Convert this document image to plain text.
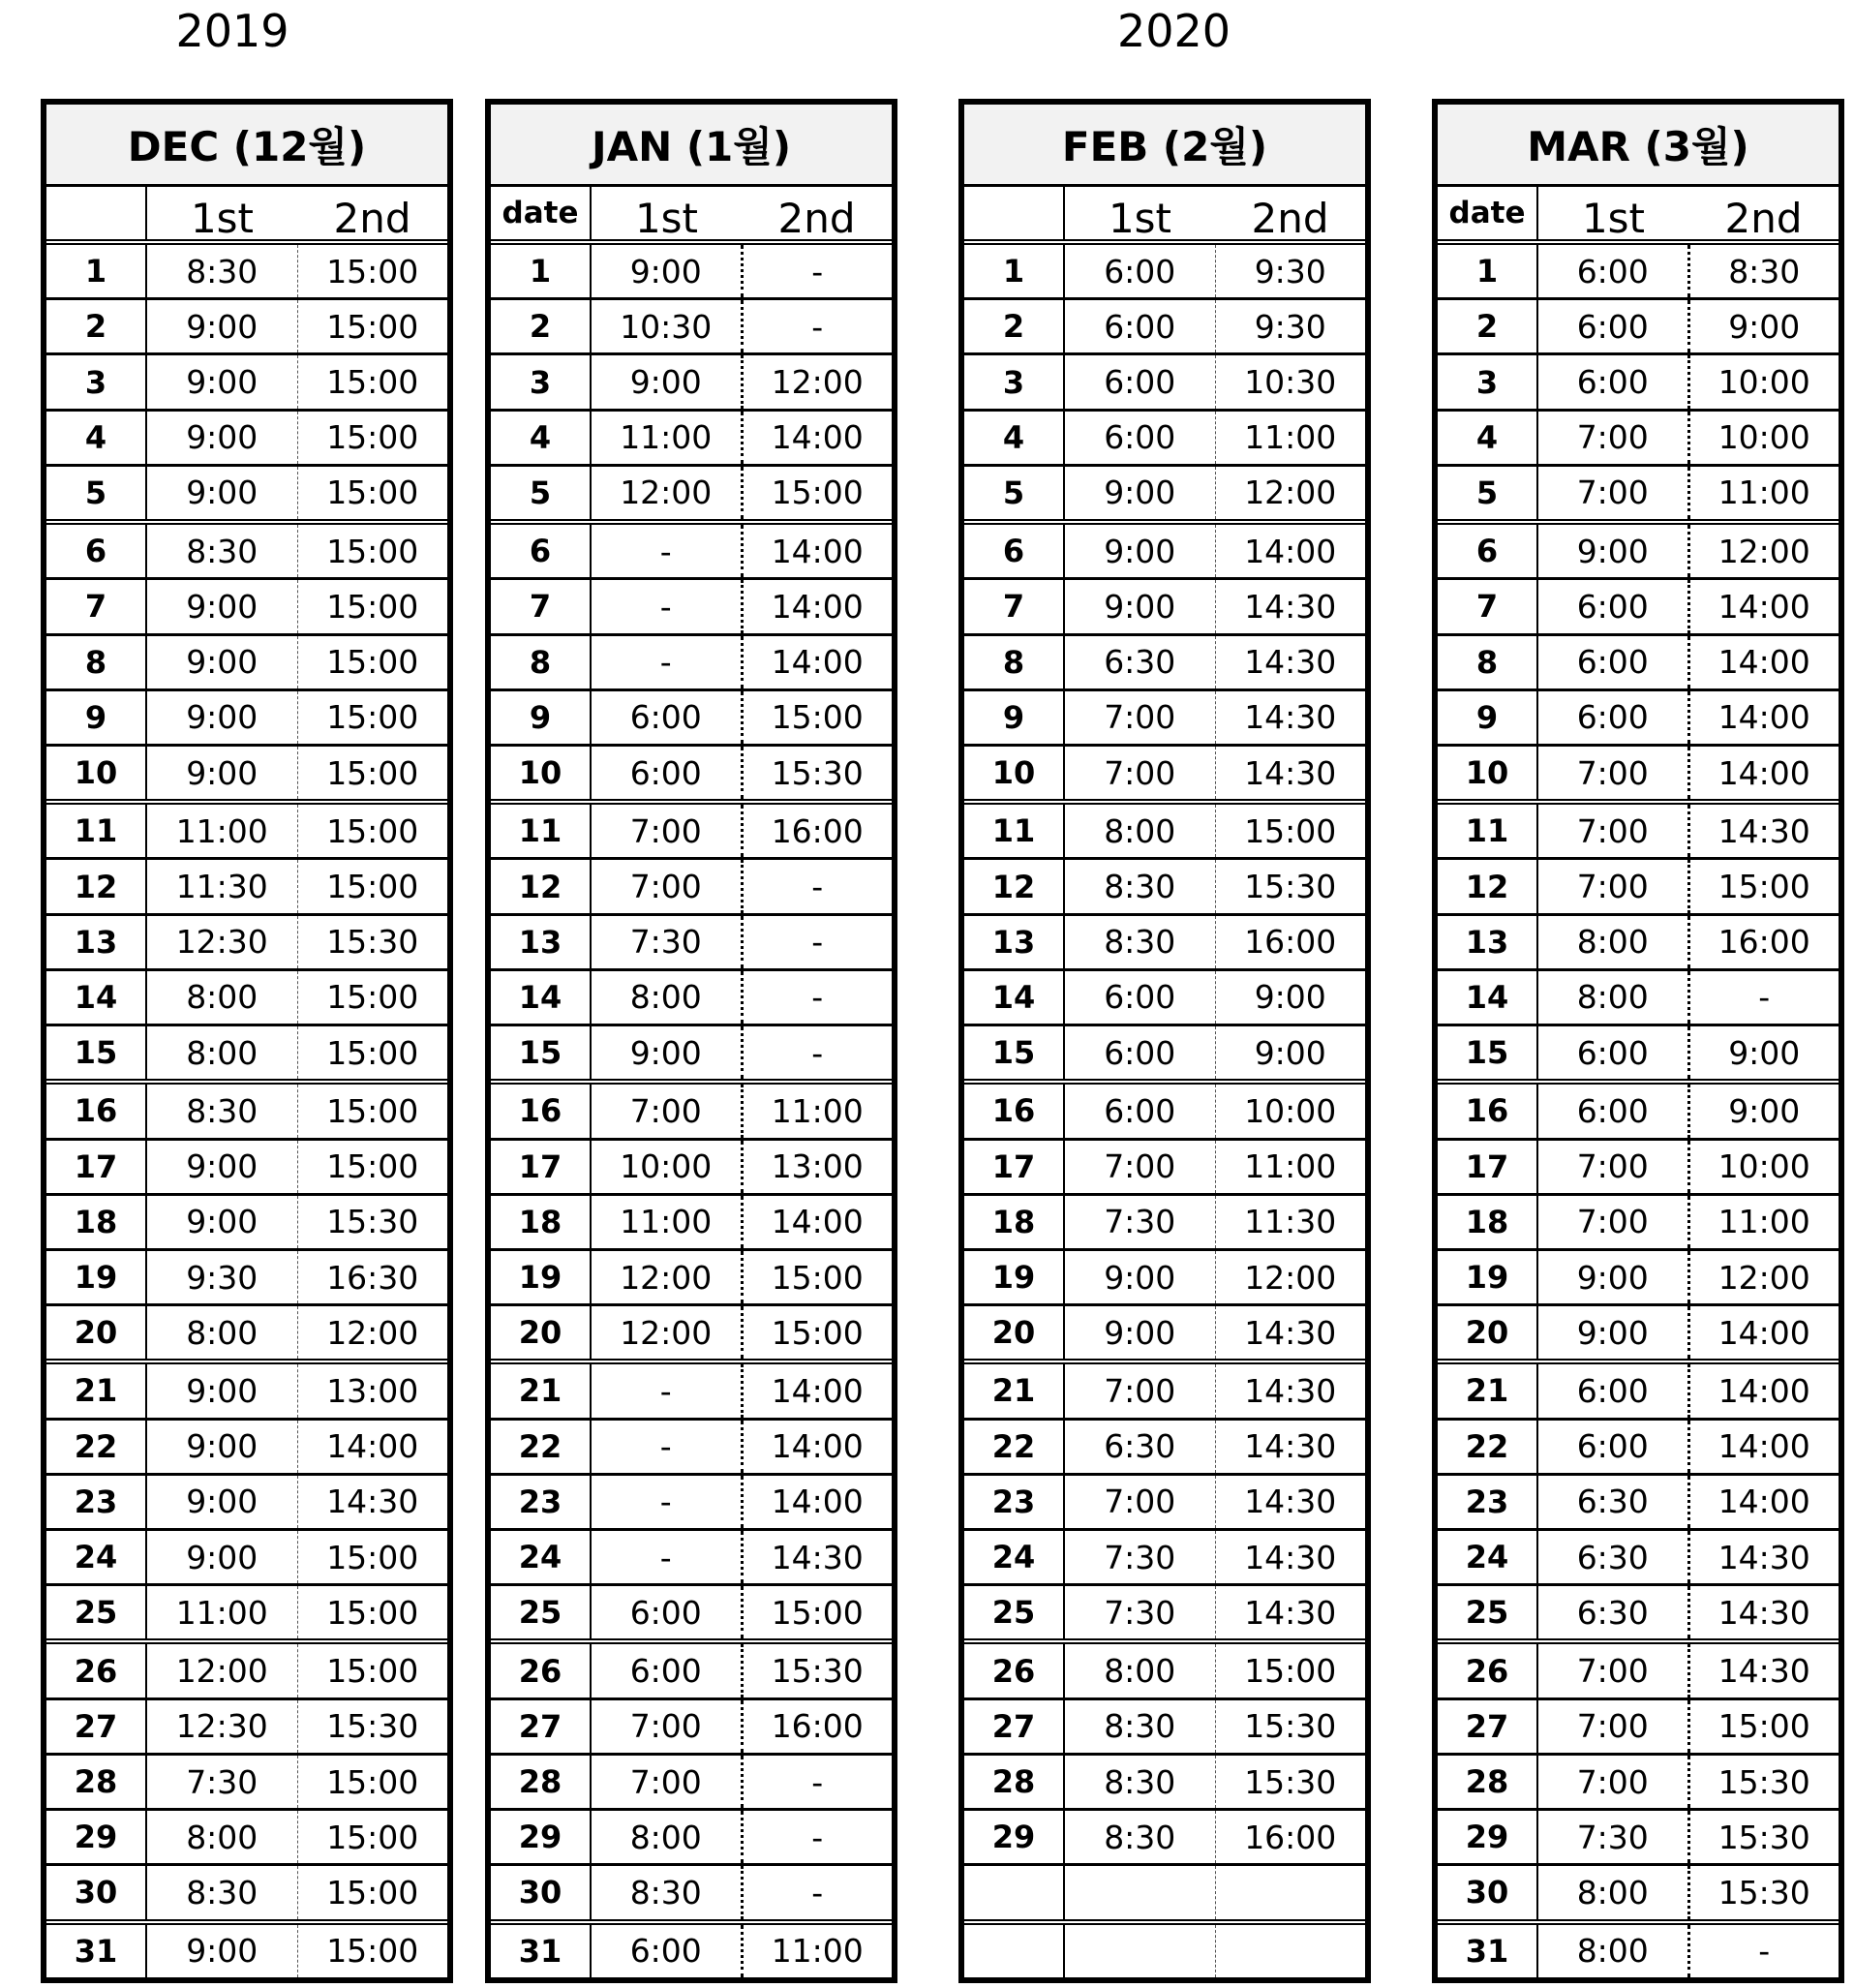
2019	2020
DEC (12월)
1st	2nd
1	8:30	15:00
2	9:00	15:00
3	9:00	15:00
4	9:00	15:00
5	9:00	15:00
6	8:30	15:00
7	9:00	15:00
8	9:00	15:00
9	9:00	15:00
10	9:00	15:00
11	11:00	15:00
12	11:30	15:00
13	12:30	15:30
14	8:00	15:00
15	8:00	15:00
16	8:30	15:00
17	9:00	15:00
18	9:00	15:30
19	9:30	16:30
20	8:00	12:00
21	9:00	13:00
22	9:00	14:00
23	9:00	14:30
24	9:00	15:00
25	11:00	15:00
26	12:00	15:00
27	12:30	15:30
28	7:30	15:00
29	8:00	15:00
30	8:30	15:00
31	9:00	15:00
JAN (1월)
date	1st	2nd
1	9:00	-
2	10:30	-
3	9:00	12:00
4	11:00	14:00
5	12:00	15:00
6	-	14:00
7	-	14:00
8	-	14:00
9	6:00	15:00
10	6:00	15:30
11	7:00	16:00
12	7:00	-
13	7:30	-
14	8:00	-
15	9:00	-
16	7:00	11:00
17	10:00	13:00
18	11:00	14:00
19	12:00	15:00
20	12:00	15:00
21	-	14:00
22	-	14:00
23	-	14:00
24	-	14:30
25	6:00	15:00
26	6:00	15:30
27	7:00	16:00
28	7:00	-
29	8:00	-
30	8:30	-
31	6:00	11:00
FEB (2월)
1st	2nd
1	6:00	9:30
2	6:00	9:30
3	6:00	10:30
4	6:00	11:00
5	9:00	12:00
6	9:00	14:00
7	9:00	14:30
8	6:30	14:30
9	7:00	14:30
10	7:00	14:30
11	8:00	15:00
12	8:30	15:30
13	8:30	16:00
14	6:00	9:00
15	6:00	9:00
16	6:00	10:00
17	7:00	11:00
18	7:30	11:30
19	9:00	12:00
20	9:00	14:30
21	7:00	14:30
22	6:30	14:30
23	7:00	14:30
24	7:30	14:30
25	7:30	14:30
26	8:00	15:00
27	8:30	15:30
28	8:30	15:30
29	8:30	16:00
MAR (3월)
date	1st	2nd
1	6:00	8:30
2	6:00	9:00
3	6:00	10:00
4	7:00	10:00
5	7:00	11:00
6	9:00	12:00
7	6:00	14:00
8	6:00	14:00
9	6:00	14:00
10	7:00	14:00
11	7:00	14:30
12	7:00	15:00
13	8:00	16:00
14	8:00	-
15	6:00	9:00
16	6:00	9:00
17	7:00	10:00
18	7:00	11:00
19	9:00	12:00
20	9:00	14:00
21	6:00	14:00
22	6:00	14:00
23	6:30	14:00
24	6:30	14:30
25	6:30	14:30
26	7:00	14:30
27	7:00	15:00
28	7:00	15:30
29	7:30	15:30
30	8:00	15:30
31	8:00	-
